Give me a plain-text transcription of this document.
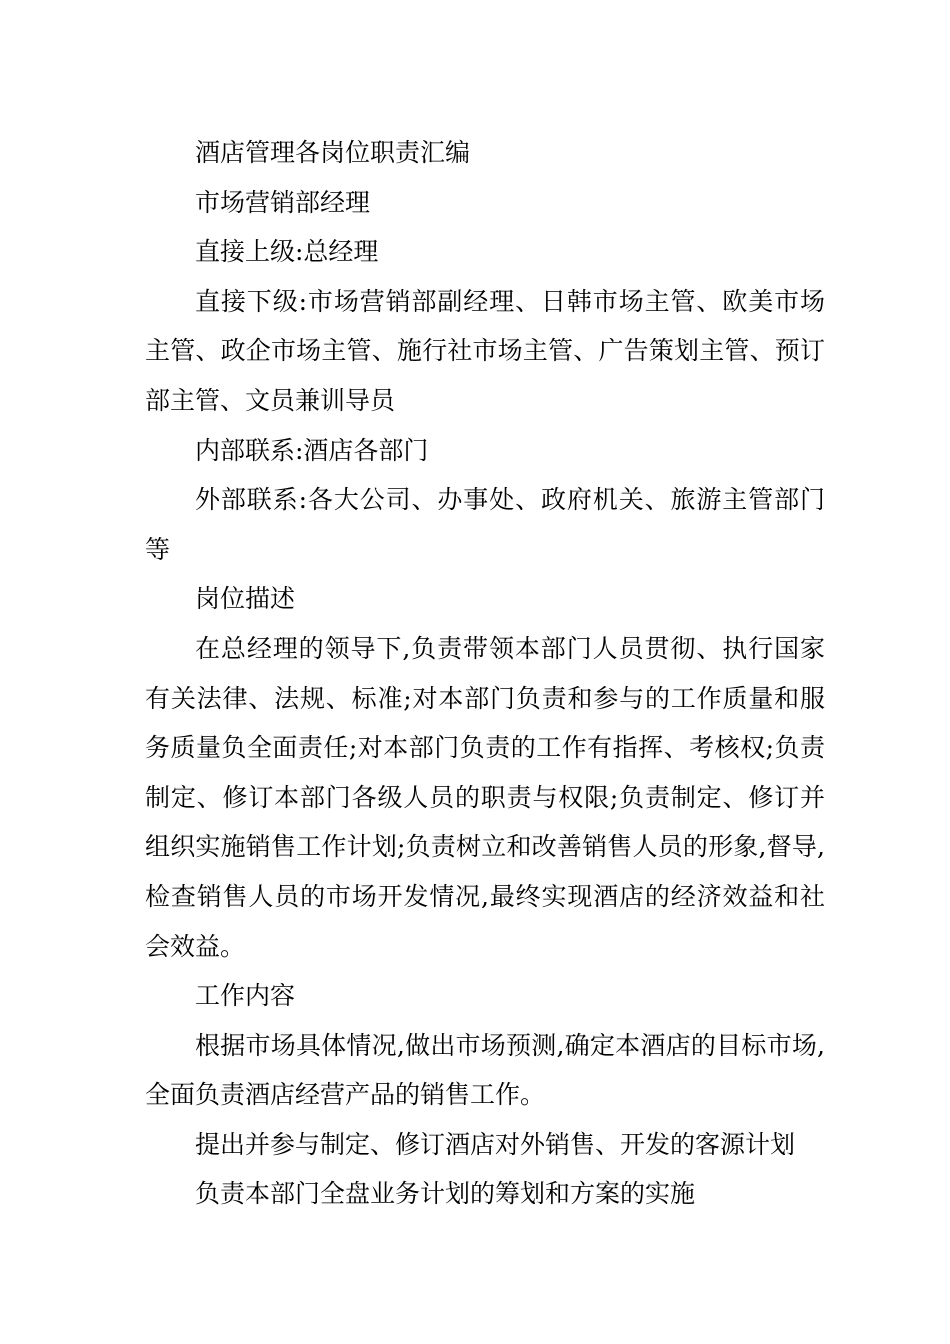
酒店管理各岗位职责汇编

市场营销部经理

直接上级:总经理

直接下级:市场营销部副经理、日韩市场主管、欧美市场主管、政企市场主管、施行社市场主管、广告策划主管、预订部主管、文员兼训导员

内部联系:酒店各部门

外部联系:各大公司、办事处、政府机关、旅游主管部门等

岗位描述

在总经理的领导下,负责带领本部门人员贯彻、执行国家有关法律、法规、标准;对本部门负责和参与的工作质量和服务质量负全面责任;对本部门负责的工作有指挥、考核权;负责制定、修订本部门各级人员的职责与权限;负责制定、修订并组织实施销售工作计划;负责树立和改善销售人员的形象,督导,检查销售人员的市场开发情况,最终实现酒店的经济效益和社会效益。

工作内容

根据市场具体情况,做出市场预测,确定本酒店的目标市场,全面负责酒店经营产品的销售工作。

提出并参与制定、修订酒店对外销售、开发的客源计划

负责本部门全盘业务计划的筹划和方案的实施
